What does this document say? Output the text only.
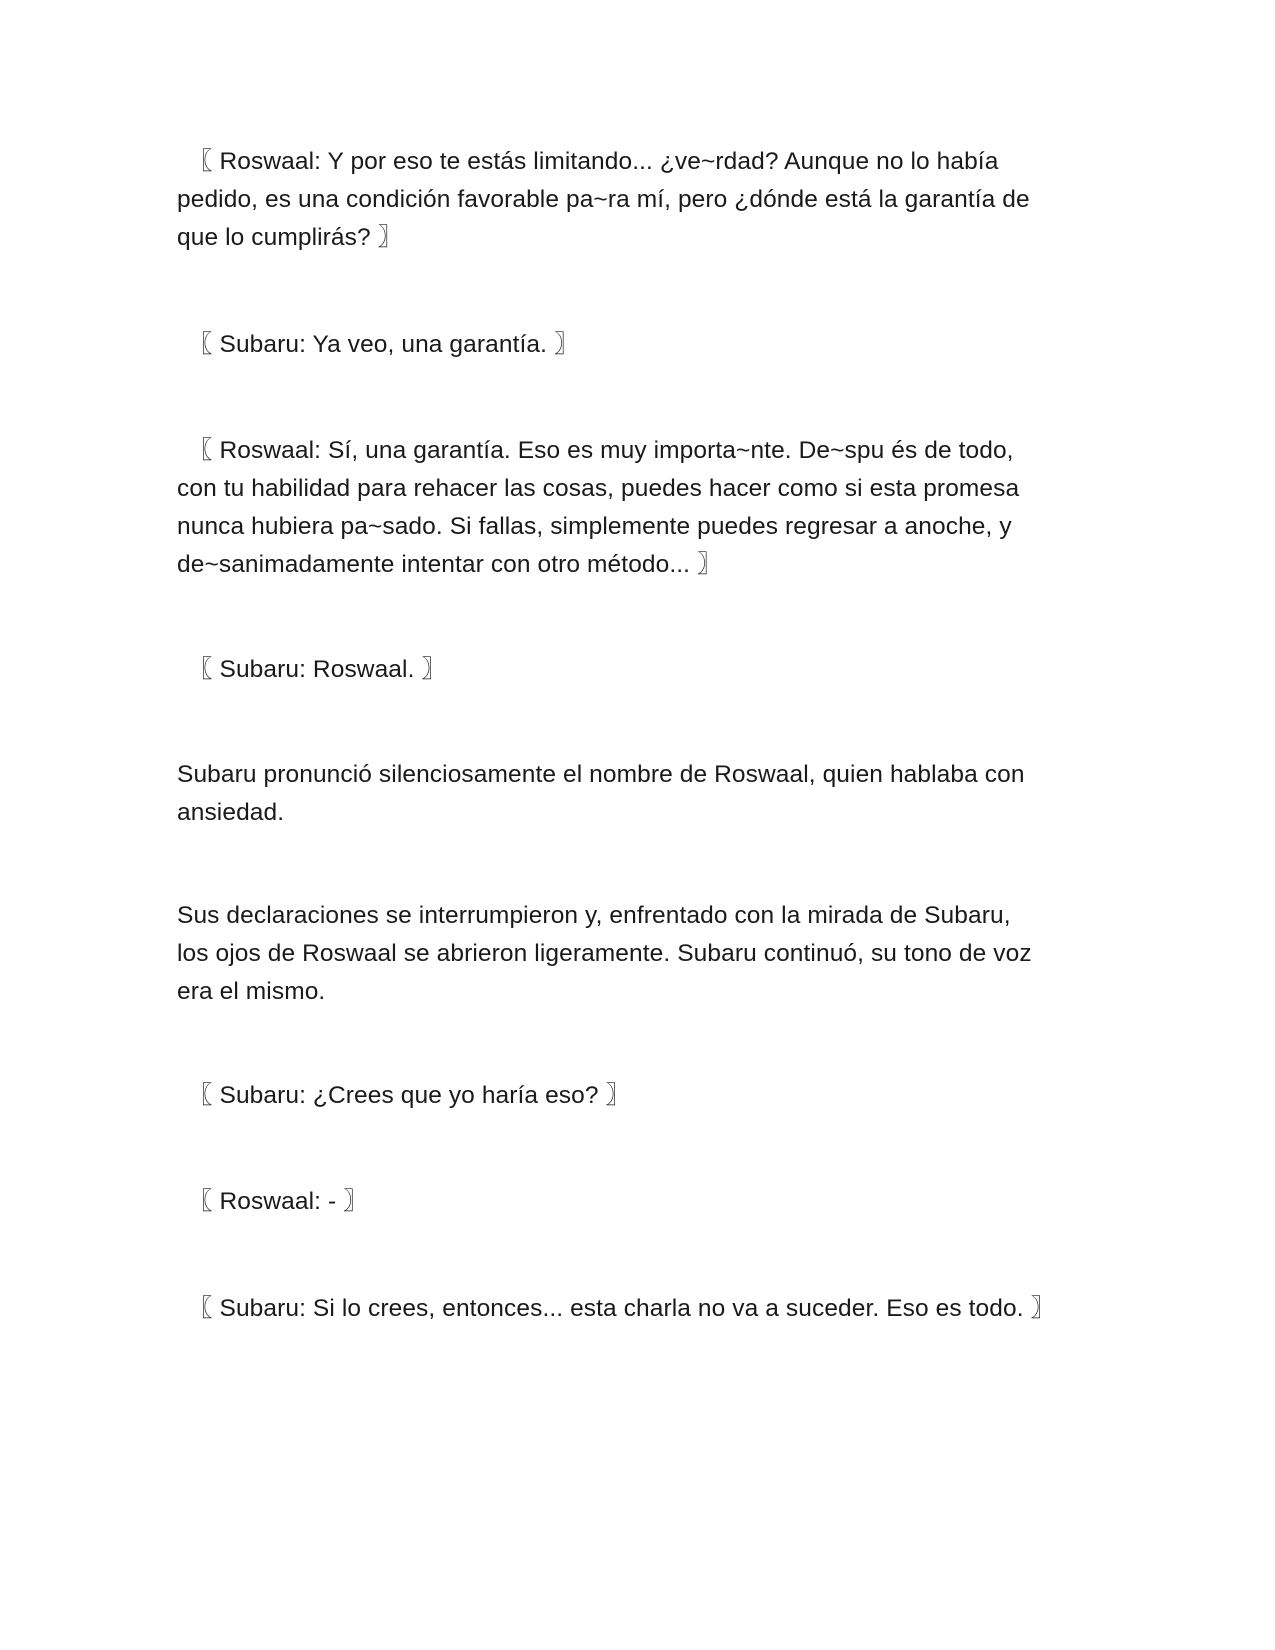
〖 Roswaal: Y por eso te estás limitando... ¿ve~rdad? Aunque no lo había
pedido, es una condición favorable pa~ra mí, pero ¿dónde está la garantía de
que lo cumplirás? 〗
〖 Subaru: Ya veo, una garantía. 〗
〖 Roswaal: Sí, una garantía. Eso es muy importa~nte. De~spu és de todo,
con tu habilidad para rehacer las cosas, puedes hacer como si esta promesa
nunca hubiera pa~sado. Si fallas, simplemente puedes regresar a anoche, y
de~sanimadamente intentar con otro método... 〗
〖 Subaru: Roswaal. 〗
Subaru pronunció silenciosamente el nombre de Roswaal, quien hablaba con
ansiedad.
Sus declaraciones se interrumpieron y, enfrentado con la mirada de Subaru,
los ojos de Roswaal se abrieron ligeramente. Subaru continuó, su tono de voz
era el mismo.
〖 Subaru: ¿Crees que yo haría eso? 〗
〖 Roswaal: - 〗
〖 Subaru: Si lo crees, entonces... esta charla no va a suceder. Eso es todo. 〗
